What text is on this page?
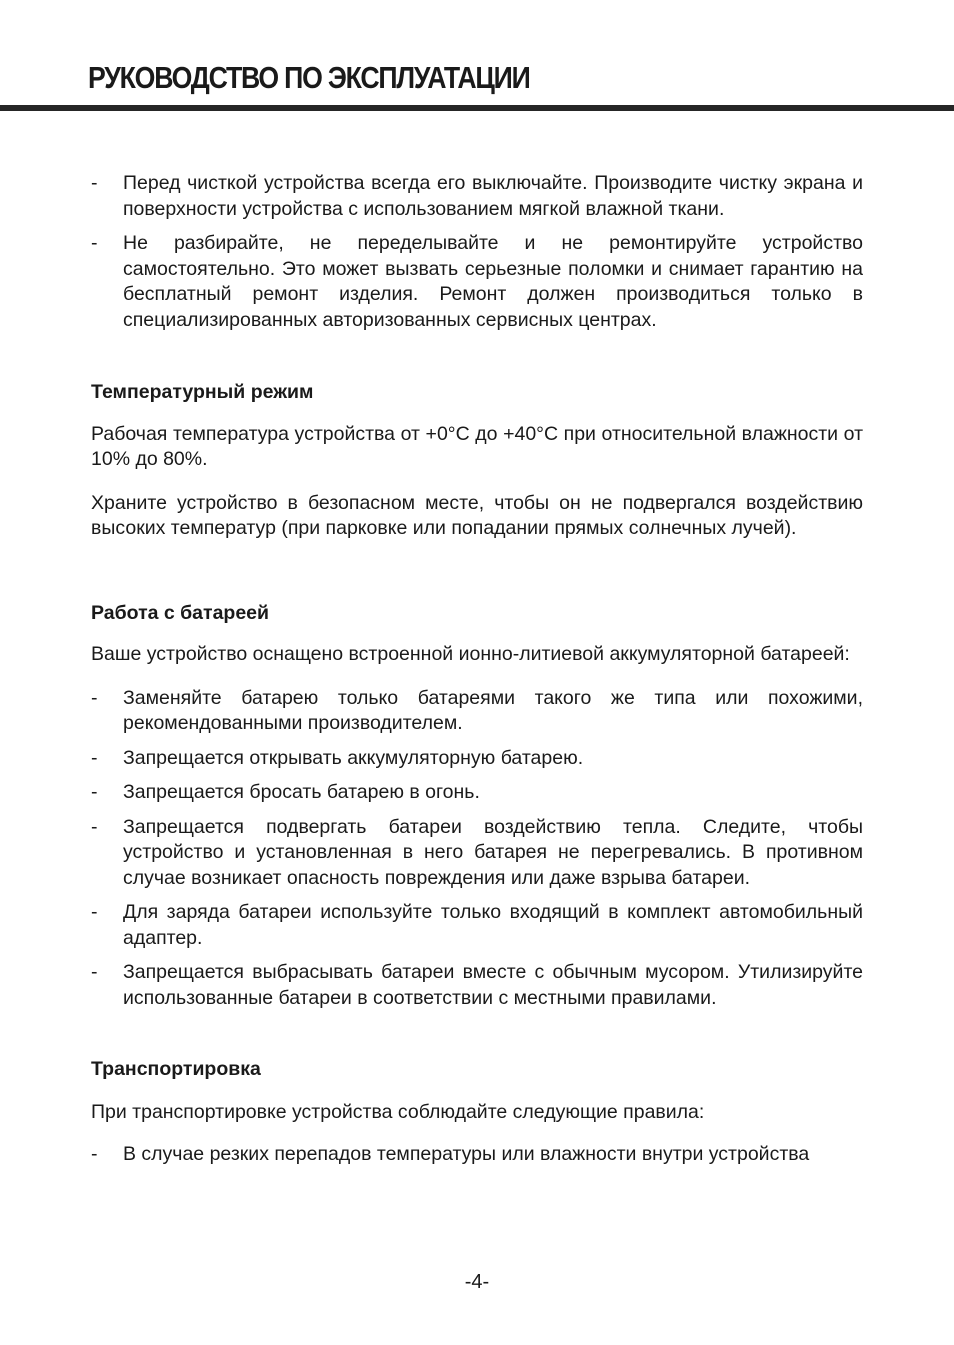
РУКОВОДСТВО ПО ЭКСПЛУАТАЦИИ
- Перед чисткой устройства всегда его выключайте. Производите чистку экрана и поверхности устройства с использованием мягкой влажной ткани.
- Не разбирайте, не переделывайте и не ремонтируйте устройство самостоятельно. Это может вызвать серьезные поломки и снимает гарантию на бесплатный ремонт изделия. Ремонт должен производиться только в специализированных авторизованных сервисных центрах.
Температурный режим

Рабочая температура устройства от +0°C до +40°C при относительной влажности от 10% до 80%.

Храните устройство в безопасном месте, чтобы он не подвергался воздействию высоких температур (при парковке или попадании прямых солнечных лучей).

Работа с батареей

Ваше устройство оснащено встроенной ионно-литиевой аккумуляторной батареей:

- Заменяйте батарею только батареями такого же типа или похожими, рекомендованными производителем.
- Запрещается открывать аккумуляторную батарею.
- Запрещается бросать батарею в огонь.
- Запрещается подвергать батареи воздействию тепла. Следите, чтобы устройство и установленная в него батарея не перегревались. В противном случае возникает опасность повреждения или даже взрыва батареи.
- Для заряда батареи используйте только входящий в комплект автомобильный адаптер.
- Запрещается выбрасывать батареи вместе с обычным мусором. Утилизируйте использованные батареи в соответствии с местными правилами.
Транспортировка

При транспортировке устройства соблюдайте следующие правила:

- В случае резких перепадов температуры или влажности внутри устройства
-4-
